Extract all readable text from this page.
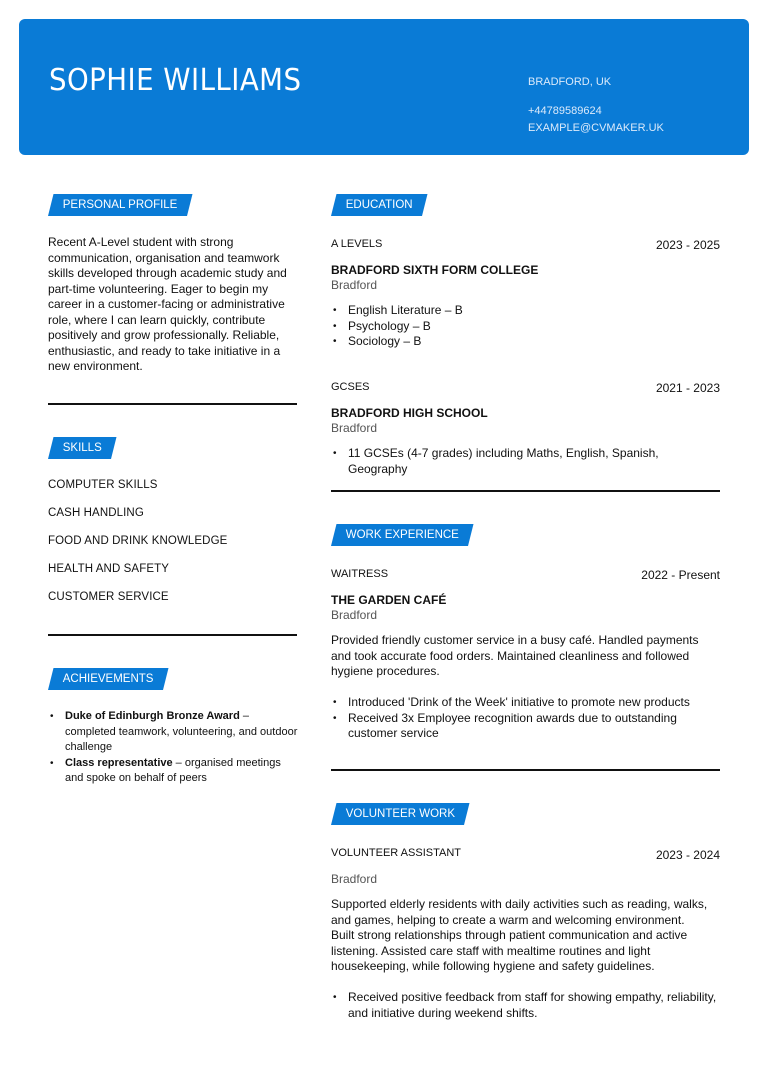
SOPHIE WILLIAMS	BRADFORD, UK
+44789589624
EXAMPLE@CVMAKER.UK
PERSONAL PROFILE
Recent A-Level student with strong communication, organisation and teamwork skills developed through academic study and part-time volunteering. Eager to begin my career in a customer-facing or administrative role, where I can learn quickly, contribute positively and grow professionally. Reliable, enthusiastic, and ready to take initiative in a new environment.
SKILLS
COMPUTER SKILLS
CASH HANDLING
FOOD AND DRINK KNOWLEDGE
HEALTH AND SAFETY
CUSTOMER SERVICE
ACHIEVEMENTS
• Duke of Edinburgh Bronze Award – completed teamwork, volunteering, and outdoor challenge
• Class representative – organised meetings and spoke on behalf of peers
EDUCATION
A LEVELS	2023 - 2025
BRADFORD SIXTH FORM COLLEGE
Bradford
• English Literature – B
• Psychology – B
• Sociology – B
GCSES	2021 - 2023
BRADFORD HIGH SCHOOL
Bradford
• 11 GCSEs (4-7 grades) including Maths, English, Spanish, Geography
WORK EXPERIENCE
WAITRESS	2022 - Present
THE GARDEN CAFÉ
Bradford
Provided friendly customer service in a busy café. Handled payments and took accurate food orders. Maintained cleanliness and followed hygiene procedures.
• Introduced 'Drink of the Week' initiative to promote new products
• Received 3x Employee recognition awards due to outstanding customer service
VOLUNTEER WORK
VOLUNTEER ASSISTANT	2023 - 2024
Bradford
Supported elderly residents with daily activities such as reading, walks, and games, helping to create a warm and welcoming environment.
Built strong relationships through patient communication and active listening. Assisted care staff with mealtime routines and light housekeeping, while following hygiene and safety guidelines.
• Received positive feedback from staff for showing empathy, reliability, and initiative during weekend shifts.
